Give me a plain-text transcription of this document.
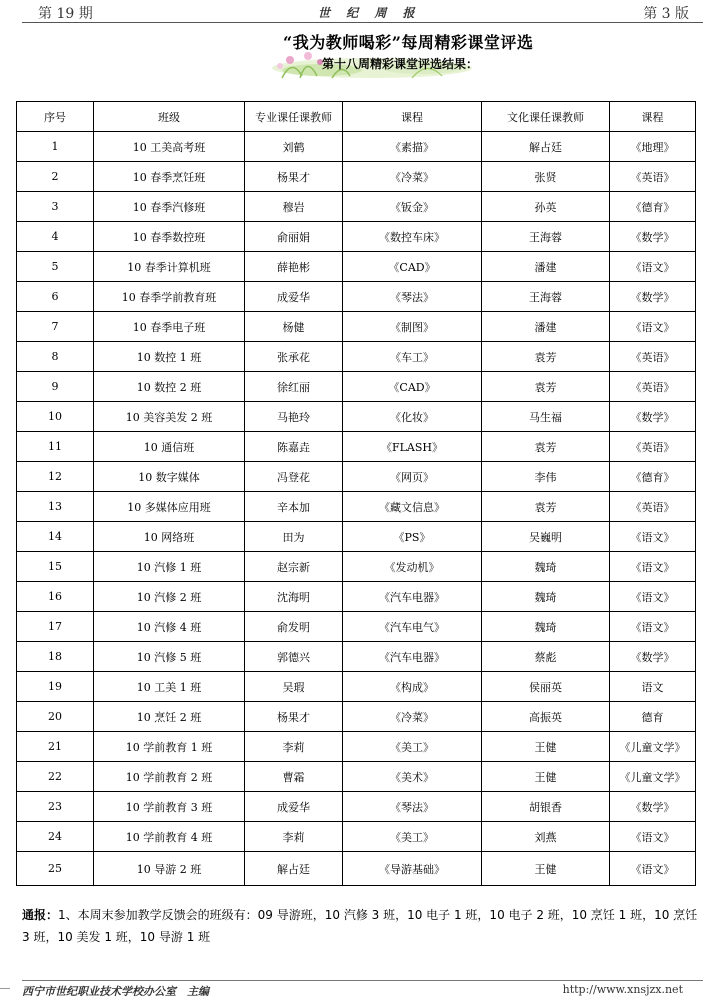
第 19 期	世 纪 周 报	第 3 版
“我为教师喝彩”每周精彩课堂评选
第十八周精彩课堂评选结果：
序号	班级	专业课任课教师	课程	文化课任课教师	课程
1	10 工美高考班	刘鹤	《素描》	解占廷	《地理》
2	10 春季烹饪班	杨果才	《冷菜》	张贤	《英语》
3	10 春季汽修班	穆岩	《钣金》	孙英	《德育》
4	10 春季数控班	俞丽娟	《数控车床》	王海蓉	《数学》
5	10 春季计算机班	薛艳彬	《CAD》	潘建	《语文》
6	10 春季学前教育班	成爱华	《琴法》	王海蓉	《数学》
7	10 春季电子班	杨健	《制图》	潘建	《语文》
8	10 数控 1 班	张承花	《车工》	袁芳	《英语》
9	10 数控 2 班	徐红丽	《CAD》	袁芳	《英语》
10	10 美容美发 2 班	马艳玲	《化妆》	马生福	《数学》
11	10 通信班	陈嘉垚	《FLASH》	袁芳	《英语》
12	10 数字媒体	冯登花	《网页》	李伟	《德育》
13	10 多媒体应用班	辛本加	《藏文信息》	袁芳	《英语》
14	10 网络班	田为	《PS》	吴巍明	《语文》
15	10 汽修 1 班	赵宗新	《发动机》	魏琦	《语文》
16	10 汽修 2 班	沈海明	《汽车电器》	魏琦	《语文》
17	10 汽修 4 班	俞发明	《汽车电气》	魏琦	《语文》
18	10 汽修 5 班	郭德兴	《汽车电器》	蔡彪	《数学》
19	10 工美 1 班	吴瑕	《构成》	侯丽英	语文
20	10 烹饪 2 班	杨果才	《冷菜》	高振英	德育
21	10 学前教育 1 班	李莉	《美工》	王健	《儿童文学》
22	10 学前教育 2 班	曹霜	《美术》	王健	《儿童文学》
23	10 学前教育 3 班	成爱华	《琴法》	胡银香	《数学》
24	10 学前教育 4 班	李莉	《美工》	刘燕	《语文》
25	10 导游 2 班	解占廷	《导游基础》	王健	《语文》
通报：1、本周末参加教学反馈会的班级有：09 导游班，10 汽修 3 班，10 电子 1 班，10 电子 2 班，10 烹饪 1 班，10 烹饪 3 班，10 美发 1 班，10 导游 1 班
西宁市世纪职业技术学校办公室　主编	http://www.xnsjzx.net
